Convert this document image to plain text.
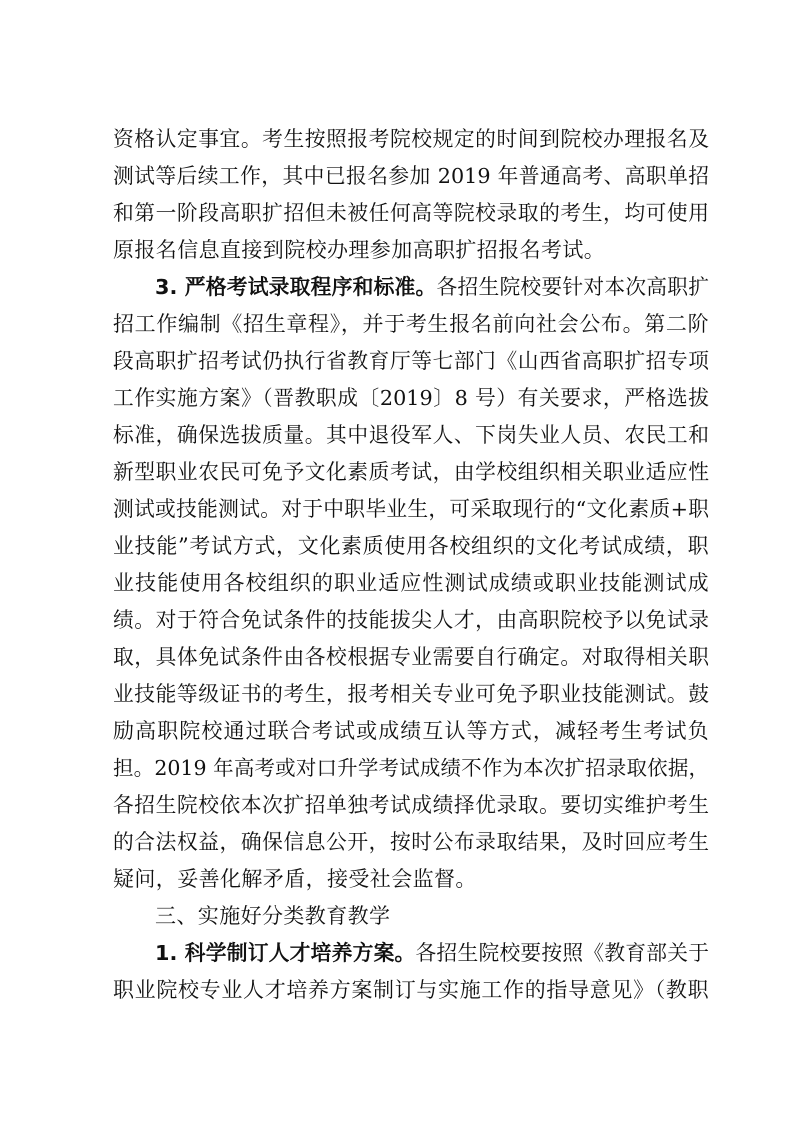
资格认定事宜。考生按照报考院校规定的时间到院校办理报名及
测试等后续工作，其中已报名参加 2019 年普通高考、高职单招
和第一阶段高职扩招但未被任何高等院校录取的考生，均可使用
原报名信息直接到院校办理参加高职扩招报名考试。
3. 严格考试录取程序和标准。各招生院校要针对本次高职扩
招工作编制《招生章程》，并于考生报名前向社会公布。第二阶
段高职扩招考试仍执行省教育厅等七部门《山西省高职扩招专项
工作实施方案》（晋教职成〔2019〕8 号）有关要求，严格选拔
标准，确保选拔质量。其中退役军人、下岗失业人员、农民工和
新型职业农民可免予文化素质考试，由学校组织相关职业适应性
测试或技能测试。对于中职毕业生，可采取现行的“文化素质+职
业技能”考试方式，文化素质使用各校组织的文化考试成绩，职
业技能使用各校组织的职业适应性测试成绩或职业技能测试成
绩。对于符合免试条件的技能拔尖人才，由高职院校予以免试录
取，具体免试条件由各校根据专业需要自行确定。对取得相关职
业技能等级证书的考生，报考相关专业可免予职业技能测试。鼓
励高职院校通过联合考试或成绩互认等方式，减轻考生考试负
担。2019 年高考或对口升学考试成绩不作为本次扩招录取依据，
各招生院校依本次扩招单独考试成绩择优录取。要切实维护考生
的合法权益，确保信息公开，按时公布录取结果，及时回应考生
疑问，妥善化解矛盾，接受社会监督。
三、实施好分类教育教学
1. 科学制订人才培养方案。各招生院校要按照《教育部关于
职业院校专业人才培养方案制订与实施工作的指导意见》（教职
